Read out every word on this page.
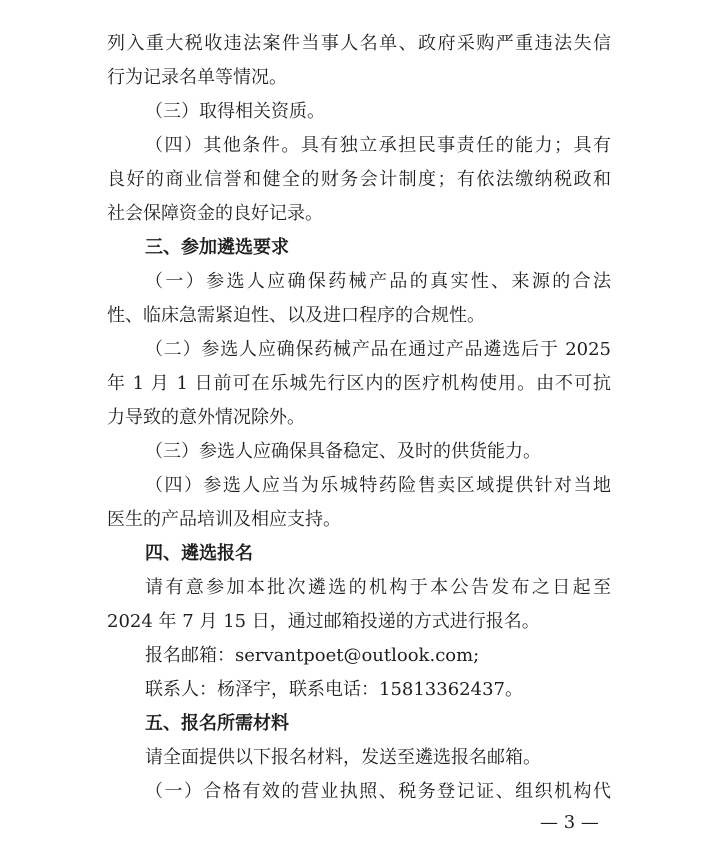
列入重大税收违法案件当事人名单、政府采购严重违法失信
行为记录名单等情况。
（三）取得相关资质。
（四）其他条件。具有独立承担民事责任的能力；具有
良好的商业信誉和健全的财务会计制度；有依法缴纳税政和
社会保障资金的良好记录。
三、参加遴选要求
（一）参选人应确保药械产品的真实性、来源的合法
性、临床急需紧迫性、以及进口程序的合规性。
（二）参选人应确保药械产品在通过产品遴选后于 2025
年 1 月 1 日前可在乐城先行区内的医疗机构使用。由不可抗
力导致的意外情况除外。
（三）参选人应确保具备稳定、及时的供货能力。
（四）参选人应当为乐城特药险售卖区域提供针对当地
医生的产品培训及相应支持。
四、遴选报名
请有意参加本批次遴选的机构于本公告发布之日起至
2024 年 7 月 15 日，通过邮箱投递的方式进行报名。
报名邮箱：servantpoet@outlook.com;
联系人：杨泽宇，联系电话：15813362437。
五、报名所需材料
请全面提供以下报名材料，发送至遴选报名邮箱。
（一）合格有效的营业执照、税务登记证、组织机构代
— 3 —
